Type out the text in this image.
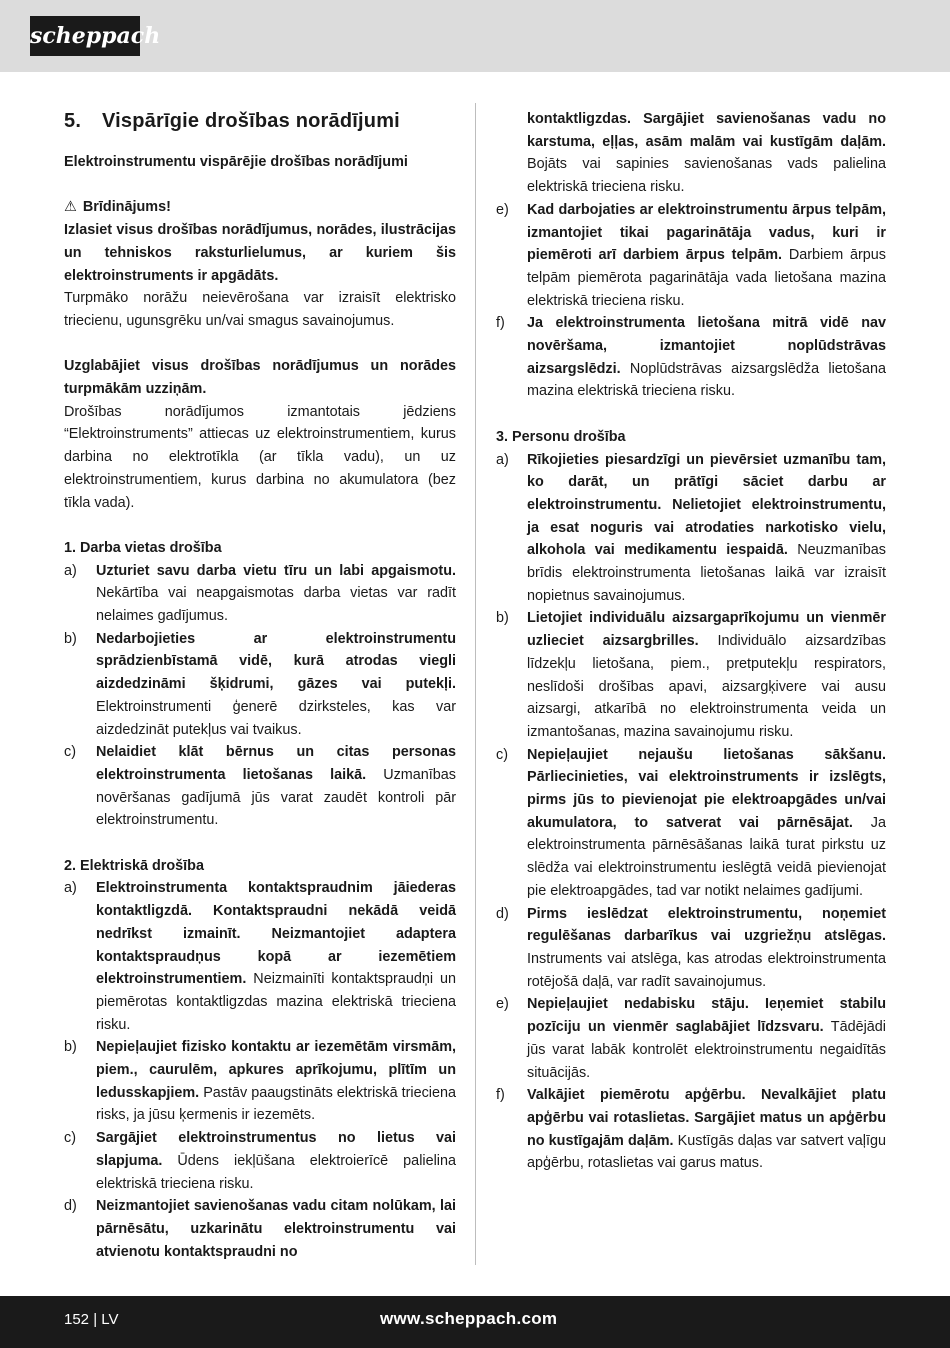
scheppach
5. Vispārīgie drošības norādījumi

Elektroinstrumentu vispārējie drošības norādījumi

⚠ Brīdinājums!

Izlasiet visus drošības norādījumus, norādes, ilustrācijas un tehniskos raksturlielumus, ar kuriem šis elektroinstruments ir apgādāts.

Turpmāko norāžu neievērošana var izraisīt elektrisko triecienu, ugunsgrēku un/vai smagus savainojumus.

Uzglabājiet visus drošības norādījumus un norādes turpmākām uzziņām.

Drošības norādījumos izmantotais jēdziens “Elektroinstruments” attiecas uz elektroinstrumentiem, kurus darbina no elektrotīkla (ar tīkla vadu), un uz elektroinstrumentiem, kurus darbina no akumulatora (bez tīkla vada).

1. Darba vietas drošība

a)	Uzturiet savu darba vietu tīru un labi apgaismotu. Nekārtība vai neapgaismotas darba vietas var radīt nelaimes gadījumus.
b)	Nedarbojieties ar elektroinstrumentu sprādzienbīstamā vidē, kurā atrodas viegli aizdedzināmi šķidrumi, gāzes vai putekļi. Elektroinstrumenti ģenerē dzirksteles, kas var aizdedzināt putekļus vai tvaikus.
c)	Nelaidiet klāt bērnus un citas personas elektroinstrumenta lietošanas laikā. Uzmanības novēršanas gadījumā jūs varat zaudēt kontroli pār elektroinstrumentu.

2. Elektriskā drošība

a)	Elektroinstrumenta kontaktspraudnim jāiederas kontaktligzdā. Kontaktspraudni nekādā veidā nedrīkst izmainīt. Neizmantojiet adaptera kontaktspraudņus kopā ar iezemētiem elektroinstrumentiem. Neizmainīti kontaktspraudņi un piemērotas kontaktligzdas mazina elektriskā trieciena risku.
b)	Nepieļaujiet fizisko kontaktu ar iezemētām virsmām, piem., caurulēm, apkures aprīkojumu, plītīm un ledusskapjiem. Pastāv paaugstināts elektriskā trieciena risks, ja jūsu ķermenis ir iezemēts.
c)	Sargājiet elektroinstrumentus no lietus vai slapjuma. Ūdens iekļūšana elektroierīcē palielina elektriskā trieciena risku.
d)	Neizmantojiet savienošanas vadu citam nolūkam, lai pārnēsātu, uzkarinātu elektroinstrumentu vai atvienotu kontaktspraudni no

kontaktligzdas. Sargājiet savienošanas vadu no karstuma, eļļas, asām malām vai kustīgām daļām. Bojāts vai sapinies savienošanas vads palielina elektriskā trieciena risku.

e)	Kad darbojaties ar elektroinstrumentu ārpus telpām, izmantojiet tikai pagarinātāja vadus, kuri ir piemēroti arī darbiem ārpus telpām. Darbiem ārpus telpām piemērota pagarinātāja vada lietošana mazina elektriskā trieciena risku.
f)	Ja elektroinstrumenta lietošana mitrā vidē nav novēršama, izmantojiet noplūdstrāvas aizsargslēdzi. Noplūdstrāvas aizsargslēdža lietošana mazina elektriskā trieciena risku.

3. Personu drošība

a)	Rīkojieties piesardzīgi un pievērsiet uzmanību tam, ko darāt, un prātīgi sāciet darbu ar elektroinstrumentu. Nelietojiet elektroinstrumentu, ja esat noguris vai atrodaties narkotisko vielu, alkohola vai medikamentu iespaidā. Neuzmanības brīdis elektroinstrumenta lietošanas laikā var izraisīt nopietnus savainojumus.
b)	Lietojiet individuālu aizsargaprīkojumu un vienmēr uzlieciet aizsargbrilles. Individuālo aizsardzības līdzekļu lietošana, piem., pretputekļu respirators, neslīdoši drošības apavi, aizsargķivere vai ausu aizsargi, atkarībā no elektroinstrumenta veida un izmantošanas, mazina savainojumu risku.
c)	Nepieļaujiet nejaušu lietošanas sākšanu. Pārliecinieties, vai elektroinstruments ir izslēgts, pirms jūs to pievienojat pie elektroapgādes un/vai akumulatora, to satverat vai pārnēsājat. Ja elektroinstrumenta pārnēsāšanas laikā turat pirkstu uz slēdža vai elektroinstrumentu ieslēgtā veidā pievienojat pie elektroapgādes, tad var notikt nelaimes gadījumi.
d)	Pirms ieslēdzat elektroinstrumentu, noņemiet regulēšanas darbarīkus vai uzgriežņu atslēgas. Instruments vai atslēga, kas atrodas elektroinstrumenta rotējošā daļā, var radīt savainojumus.
e)	Nepieļaujiet nedabisku stāju. Ieņemiet stabilu pozīciju un vienmēr saglabājiet līdzsvaru. Tādējādi jūs varat labāk kontrolēt elektroinstrumentu negaidītās situācijās.
f)	Valkājiet piemērotu apģērbu. Nevalkājiet platu apģērbu vai rotaslietas. Sargājiet matus un apģērbu no kustīgajām daļām. Kustīgās daļas var satvert vaļīgu apģērbu, rotaslietas vai garus matus.
152 | LV	www.scheppach.com
